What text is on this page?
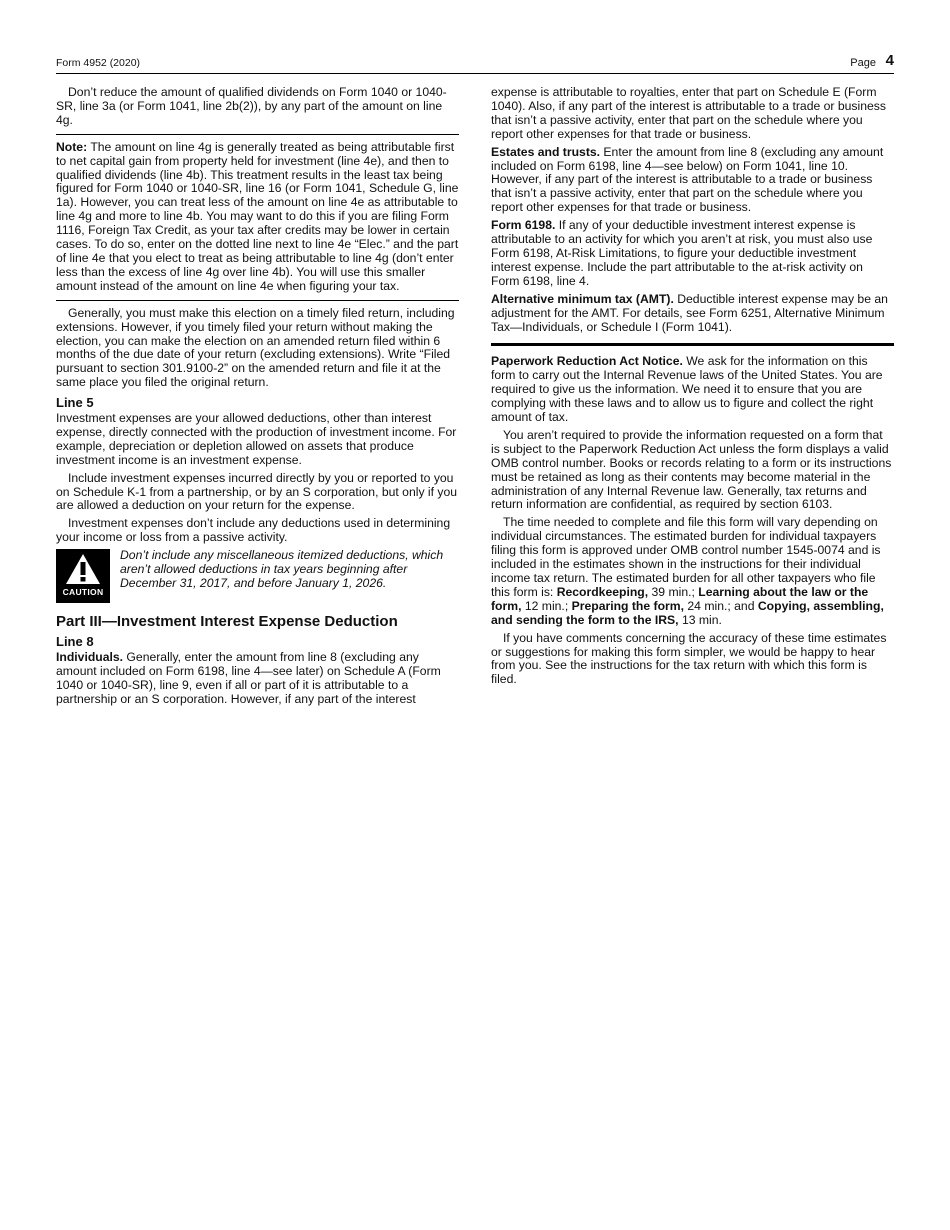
Form 4952 (2020)	Page 4

Don’t reduce the amount of qualified dividends on Form 1040 or 1040-SR, line 3a (or Form 1041, line 2b(2)), by any part of the amount on line 4g.

Note: The amount on line 4g is generally treated as being attributable first to net capital gain from property held for investment (line 4e), and then to qualified dividends (line 4b). This treatment results in the least tax being figured for Form 1040 or 1040-SR, line 16 (or Form 1041, Schedule G, line 1a). However, you can treat less of the amount on line 4e as attributable to line 4g and more to line 4b. You may want to do this if you are filing Form 1116, Foreign Tax Credit, as your tax after credits may be lower in certain cases. To do so, enter on the dotted line next to line 4e “Elec.” and the part of line 4e that you elect to treat as being attributable to line 4g (don’t enter less than the excess of line 4g over line 4b). You will use this smaller amount instead of the amount on line 4e when figuring your tax.

Generally, you must make this election on a timely filed return, including extensions. However, if you timely filed your return without making the election, you can make the election on an amended return filed within 6 months of the due date of your return (excluding extensions). Write “Filed pursuant to section 301.9100-2” on the amended return and file it at the same place you filed the original return.

Line 5

Investment expenses are your allowed deductions, other than interest expense, directly connected with the production of investment income. For example, depreciation or depletion allowed on assets that produce investment income is an investment expense.

Include investment expenses incurred directly by you or reported to you on Schedule K-1 from a partnership, or by an S corporation, but only if you are allowed a deduction on your return for the expense.

Investment expenses don’t include any deductions used in determining your income or loss from a passive activity.

CAUTION
Don’t include any miscellaneous itemized deductions, which aren’t allowed deductions in tax years beginning after December 31, 2017, and before January 1, 2026.
Part III—Investment Interest Expense Deduction
Line 8

Individuals. Generally, enter the amount from line 8 (excluding any amount included on Form 6198, line 4—see later) on Schedule A (Form 1040 or 1040-SR), line 9, even if all or part of it is attributable to a partnership or an S corporation. However, if any part of the interest

expense is attributable to royalties, enter that part on Schedule E (Form 1040). Also, if any part of the interest is attributable to a trade or business that isn’t a passive activity, enter that part on the schedule where you report other expenses for that trade or business.

Estates and trusts. Enter the amount from line 8 (excluding any amount included on Form 6198, line 4—see below) on Form 1041, line 10. However, if any part of the interest is attributable to a trade or business that isn’t a passive activity, enter that part on the schedule where you report other expenses for that trade or business.

Form 6198. If any of your deductible investment interest expense is attributable to an activity for which you aren’t at risk, you must also use Form 6198, At-Risk Limitations, to figure your deductible investment interest expense. Include the part attributable to the at-risk activity on Form 6198, line 4.

Alternative minimum tax (AMT). Deductible interest expense may be an adjustment for the AMT. For details, see Form 6251, Alternative Minimum Tax—Individuals, or Schedule I (Form 1041).

Paperwork Reduction Act Notice. We ask for the information on this form to carry out the Internal Revenue laws of the United States. You are required to give us the information. We need it to ensure that you are complying with these laws and to allow us to figure and collect the right amount of tax.

You aren’t required to provide the information requested on a form that is subject to the Paperwork Reduction Act unless the form displays a valid OMB control number. Books or records relating to a form or its instructions must be retained as long as their contents may become material in the administration of any Internal Revenue law. Generally, tax returns and return information are confidential, as required by section 6103.

The time needed to complete and file this form will vary depending on individual circumstances. The estimated burden for individual taxpayers filing this form is approved under OMB control number 1545-0074 and is included in the estimates shown in the instructions for their individual income tax return. The estimated burden for all other taxpayers who file this form is: Recordkeeping, 39 min.; Learning about the law or the form, 12 min.; Preparing the form, 24 min.; and Copying, assembling, and sending the form to the IRS, 13 min.

If you have comments concerning the accuracy of these time estimates or suggestions for making this form simpler, we would be happy to hear from you. See the instructions for the tax return with which this form is filed.
